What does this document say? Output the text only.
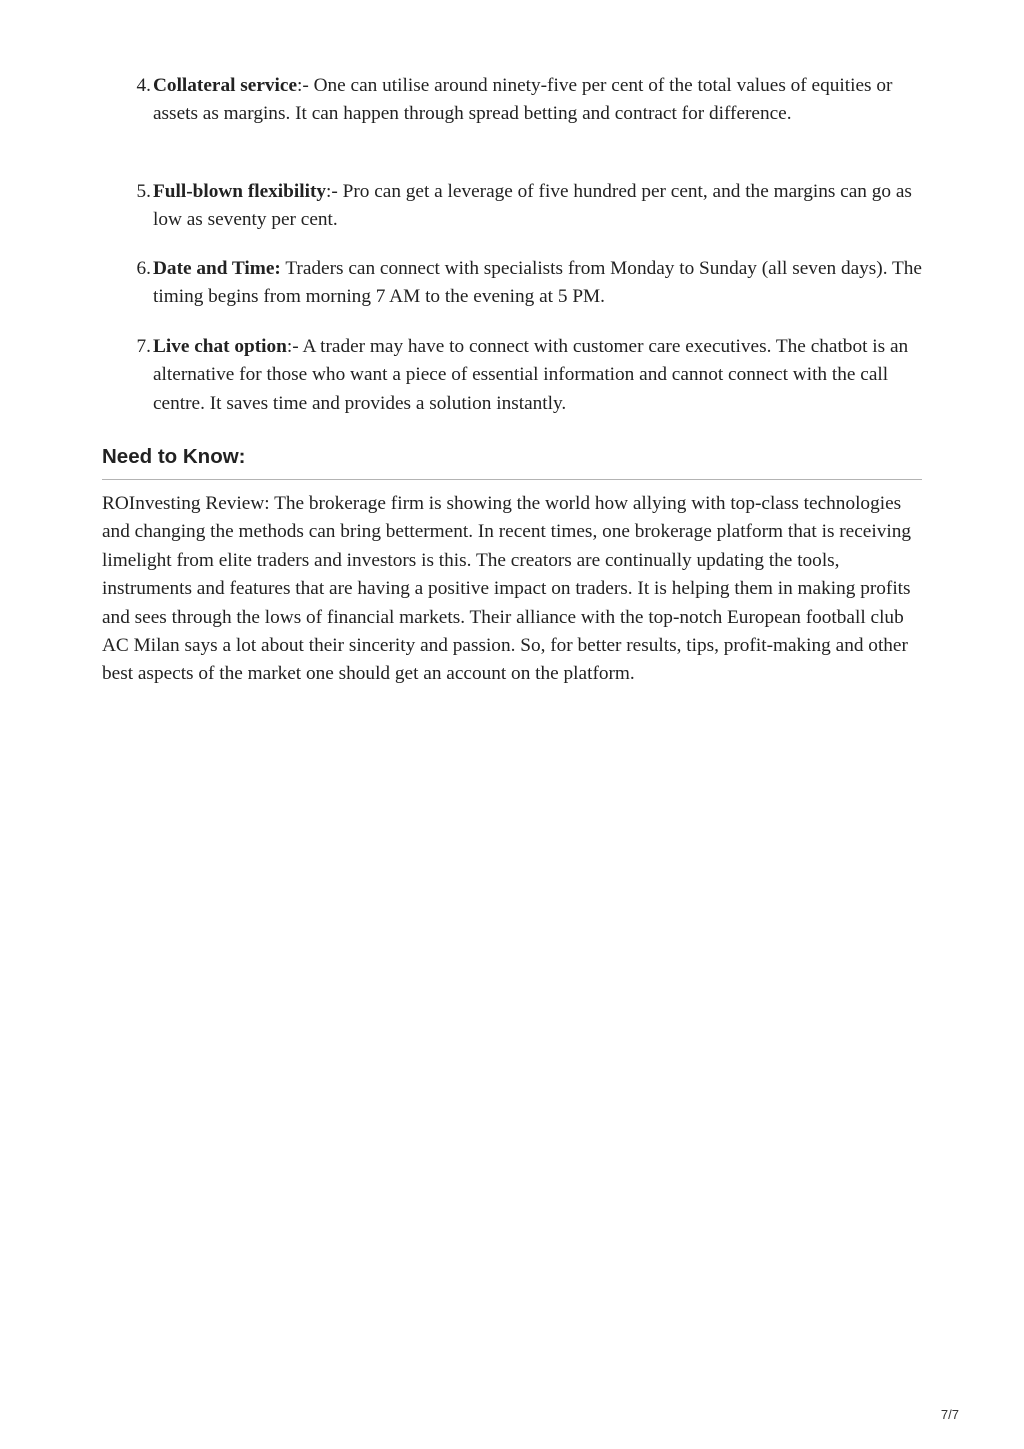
4. Collateral service:- One can utilise around ninety-five per cent of the total values of equities or assets as margins. It can happen through spread betting and contract for difference.
5. Full-blown flexibility:- Pro can get a leverage of five hundred per cent, and the margins can go as low as seventy per cent.
6. Date and Time: Traders can connect with specialists from Monday to Sunday (all seven days). The timing begins from morning 7 AM to the evening at 5 PM.
7. Live chat option:- A trader may have to connect with customer care executives. The chatbot is an alternative for those who want a piece of essential information and cannot connect with the call centre. It saves time and provides a solution instantly.
Need to Know:

ROInvesting Review: The brokerage firm is showing the world how allying with top-class technologies and changing the methods can bring betterment. In recent times, one brokerage platform that is receiving limelight from elite traders and investors is this. The creators are continually updating the tools, instruments and features that are having a positive impact on traders. It is helping them in making profits and sees through the lows of financial markets. Their alliance with the top-notch European football club AC Milan says a lot about their sincerity and passion. So, for better results, tips, profit-making and other best aspects of the market one should get an account on the platform.

7/7
